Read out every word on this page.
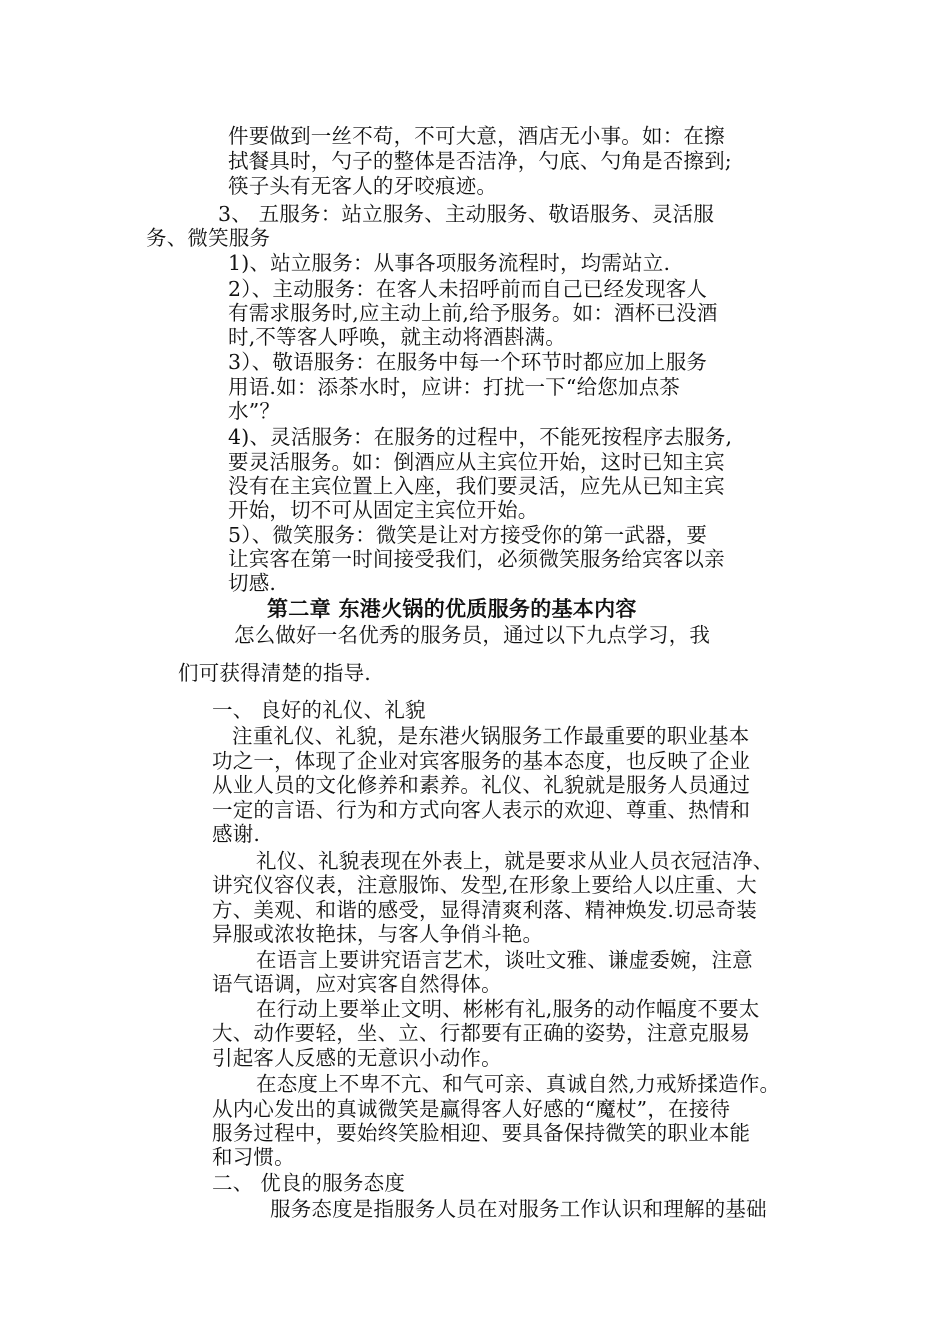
件要做到一丝不苟，不可大意，酒店无小事。如：在擦
拭餐具时，勺子的整体是否洁净，勺底、勺角是否擦到;
筷子头有无客人的牙咬痕迹。
3、 五服务：站立服务、主动服务、敬语服务、灵活服
务、微笑服务
1)、站立服务：从事各项服务流程时，均需站立.
2）、主动服务：在客人未招呼前而自己已经发现客人
有需求服务时,应主动上前,给予服务。如：酒杯已没酒
时,不等客人呼唤，就主动将酒斟满。
3）、敬语服务：在服务中每一个环节时都应加上服务
用语.如：添茶水时，应讲：打扰一下“给您加点茶
水”？
4)、灵活服务：在服务的过程中，不能死按程序去服务,
要灵活服务。如：倒酒应从主宾位开始，这时已知主宾
没有在主宾位置上入座，我们要灵活，应先从已知主宾
开始，切不可从固定主宾位开始。
5）、微笑服务：微笑是让对方接受你的第一武器，要
让宾客在第一时间接受我们，必须微笑服务给宾客以亲
切感.
第二章 东港火锅的优质服务的基本内容
怎么做好一名优秀的服务员，通过以下九点学习，我
们可获得清楚的指导.
一、 良好的礼仪、礼貌
注重礼仪、礼貌，是东港火锅服务工作最重要的职业基本
功之一，体现了企业对宾客服务的基本态度，也反映了企业
从业人员的文化修养和素养。礼仪、礼貌就是服务人员通过
一定的言语、行为和方式向客人表示的欢迎、尊重、热情和
感谢.
礼仪、礼貌表现在外表上，就是要求从业人员衣冠洁净、
讲究仪容仪表，注意服饰、发型,在形象上要给人以庄重、大
方、美观、和谐的感受，显得清爽利落、精神焕发.切忌奇装
异服或浓妆艳抹，与客人争俏斗艳。
在语言上要讲究语言艺术，谈吐文雅、谦虚委婉，注意
语气语调，应对宾客自然得体。
在行动上要举止文明、彬彬有礼,服务的动作幅度不要太
大、动作要轻，坐、立、行都要有正确的姿势，注意克服易
引起客人反感的无意识小动作。
在态度上不卑不亢、和气可亲、真诚自然,力戒矫揉造作。
从内心发出的真诚微笑是赢得客人好感的“魔杖”，在接待
服务过程中，要始终笑脸相迎、要具备保持微笑的职业本能
和习惯。
二、 优良的服务态度
服务态度是指服务人员在对服务工作认识和理解的基础
